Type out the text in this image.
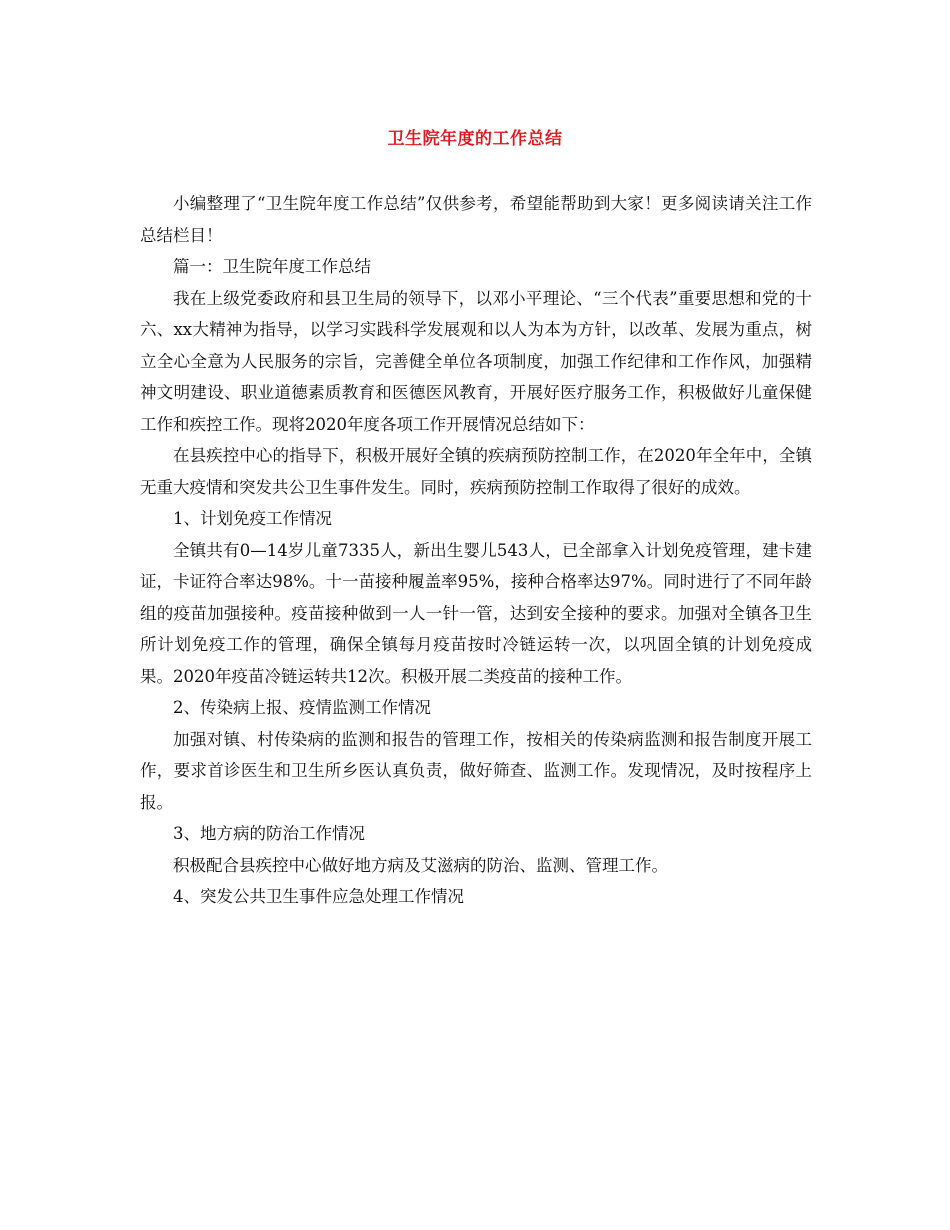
卫生院年度的工作总结

小编整理了“卫生院年度工作总结”仅供参考，希望能帮助到大家！更多阅读请关注工作总结栏目！

篇一：卫生院年度工作总结

我在上级党委政府和县卫生局的领导下，以邓小平理论、“三个代表”重要思想和党的十六、xx大精神为指导，以学习实践科学发展观和以人为本为方针，以改革、发展为重点，树立全心全意为人民服务的宗旨，完善健全单位各项制度，加强工作纪律和工作作风，加强精神文明建设、职业道德素质教育和医德医风教育，开展好医疗服务工作，积极做好儿童保健工作和疾控工作。现将2020年度各项工作开展情况总结如下：

在县疾控中心的指导下，积极开展好全镇的疾病预防控制工作，在2020年全年中，全镇无重大疫情和突发共公卫生事件发生。同时，疾病预防控制工作取得了很好的成效。

1、计划免疫工作情况

全镇共有0—14岁儿童7335人，新出生婴儿543人，已全部拿入计划免疫管理，建卡建证，卡证符合率达98%。十一苗接种履盖率95%，接种合格率达97%。同时进行了不同年龄组的疫苗加强接种。疫苗接种做到一人一针一管，达到安全接种的要求。加强对全镇各卫生所计划免疫工作的管理，确保全镇每月疫苗按时冷链运转一次，以巩固全镇的计划免疫成果。2020年疫苗冷链运转共12次。积极开展二类疫苗的接种工作。

2、传染病上报、疫情监测工作情况

加强对镇、村传染病的监测和报告的管理工作，按相关的传染病监测和报告制度开展工作，要求首诊医生和卫生所乡医认真负责，做好筛查、监测工作。发现情况，及时按程序上报。

3、地方病的防治工作情况

积极配合县疾控中心做好地方病及艾滋病的防治、监测、管理工作。

4、突发公共卫生事件应急处理工作情况
